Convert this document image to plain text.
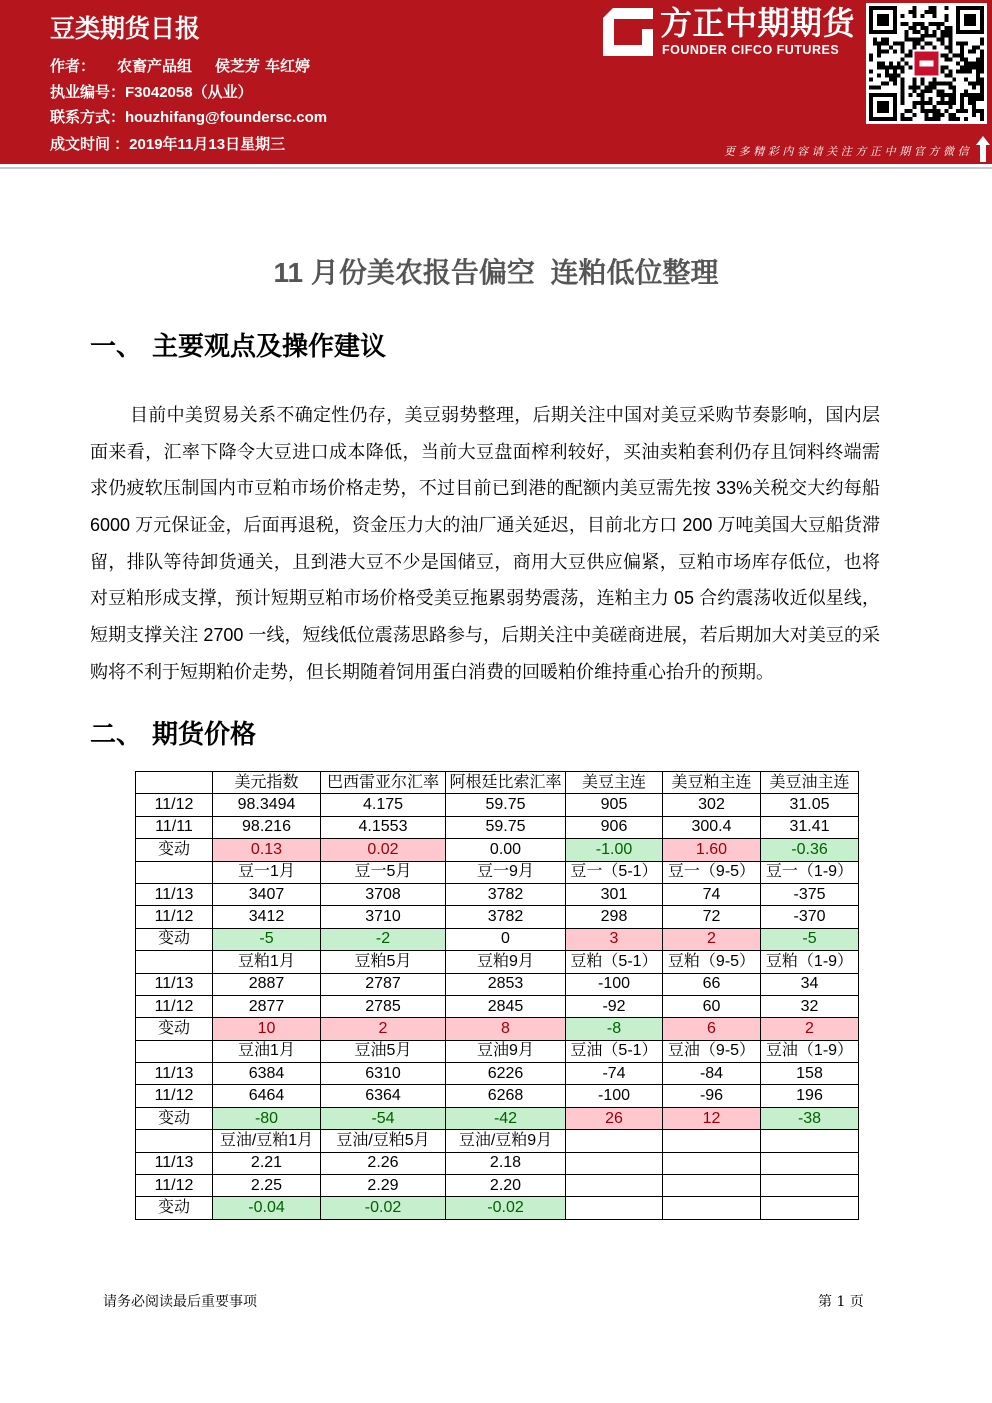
豆类期货日报
作者： 农畜产品组 侯芝芳 车红婷
执业编号：F3042058（从业）
联系方式：houzhifang@foundersc.com
成文时间 ：2019年11月13日星期三
方正中期期货
FOUNDER CIFCO FUTURES
更多精彩内容请关注方正中期官方微信
11 月份美农报告偏空  连粕低位整理
一、 主要观点及操作建议
目前中美贸易关系不确定性仍存，美豆弱势整理，后期关注中国对美豆采购节奏影响，国内层
面来看，汇率下降令大豆进口成本降低，当前大豆盘面榨利较好，买油卖粕套利仍存且饲料终端需
求仍疲软压制国内市豆粕市场价格走势，不过目前已到港的配额内美豆需先按 33%关税交大约每船
6000 万元保证金，后面再退税，资金压力大的油厂通关延迟，目前北方口 200 万吨美国大豆船货滞
留，排队等待卸货通关，且到港大豆不少是国储豆，商用大豆供应偏紧，豆粕市场库存低位，也将
对豆粕形成支撑，预计短期豆粕市场价格受美豆拖累弱势震荡，连粕主力 05 合约震荡收近似星线，
短期支撑关注 2700 一线，短线低位震荡思路参与，后期关注中美磋商进展，若后期加大对美豆的采
购将不利于短期粕价走势，但长期随着饲用蛋白消费的回暖粕价维持重心抬升的预期。
二、 期货价格
	美元指数	巴西雷亚尔汇率	阿根廷比索汇率	美豆主连	美豆粕主连	美豆油主连
11/12	98.3494	4.175	59.75	905	302	31.05
11/11	98.216	4.1553	59.75	906	300.4	31.41
变动	0.13	0.02	0.00	-1.00	1.60	-0.36
	豆一1月	豆一5月	豆一9月	豆一（5-1）	豆一（9-5）	豆一（1-9）
11/13	3407	3708	3782	301	74	-375
11/12	3412	3710	3782	298	72	-370
变动	-5	-2	0	3	2	-5
	豆粕1月	豆粕5月	豆粕9月	豆粕（5-1）	豆粕（9-5）	豆粕（1-9）
11/13	2887	2787	2853	-100	66	34
11/12	2877	2785	2845	-92	60	32
变动	10	2	8	-8	6	2
	豆油1月	豆油5月	豆油9月	豆油（5-1）	豆油（9-5）	豆油（1-9）
11/13	6384	6310	6226	-74	-84	158
11/12	6464	6364	6268	-100	-96	196
变动	-80	-54	-42	26	12	-38
	豆油/豆粕1月	豆油/豆粕5月	豆油/豆粕9月			
11/13	2.21	2.26	2.18			
11/12	2.25	2.29	2.20			
变动	-0.04	-0.02	-0.02			
请务必阅读最后重要事项	第 1 页
